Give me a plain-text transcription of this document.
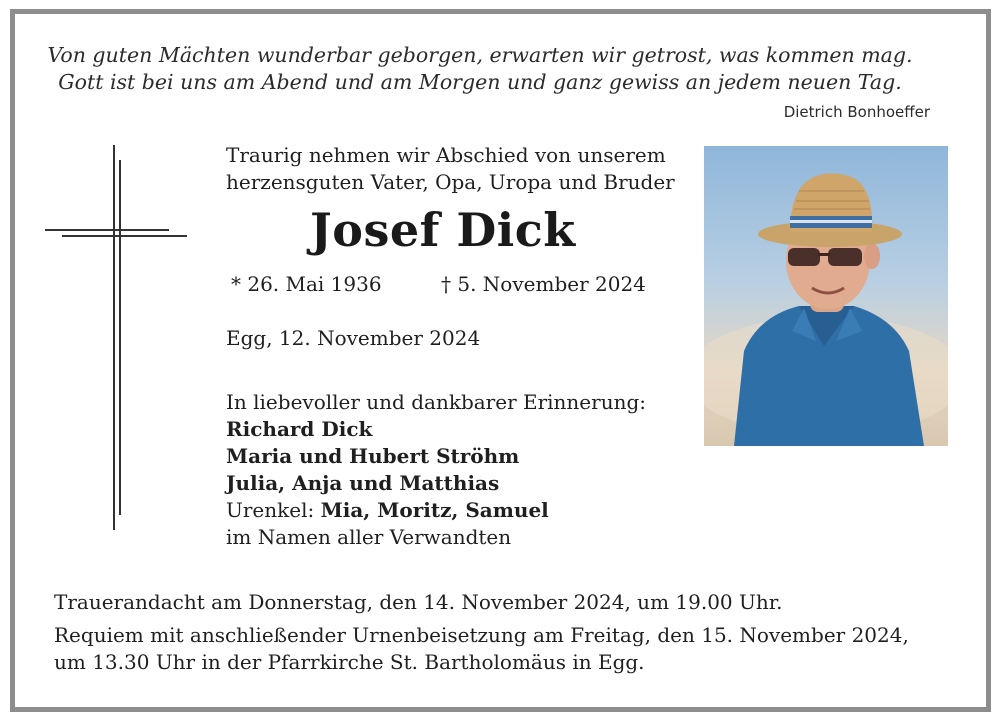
Von guten Mächten wunderbar geborgen, erwarten wir getrost, was kommen mag.
Gott ist bei uns am Abend und am Morgen und ganz gewiss an jedem neuen Tag.
Dietrich Bonhoeffer
Traurig nehmen wir Abschied von unserem
herzensguten Vater, Opa, Uropa und Bruder
Josef Dick
* 26. Mai 1936	† 5. November 2024
Egg, 12. November 2024
In liebevoller und dankbarer Erinnerung:
Richard Dick
Maria und Hubert Ströhm
Julia, Anja und Matthias
Urenkel: Mia, Moritz, Samuel
im Namen aller Verwandten
Trauerandacht am Donnerstag, den 14. November 2024, um 19.00 Uhr.
Requiem mit anschließender Urnenbeisetzung am Freitag, den 15. November 2024,
um 13.30 Uhr in der Pfarrkirche St. Bartholomäus in Egg.
